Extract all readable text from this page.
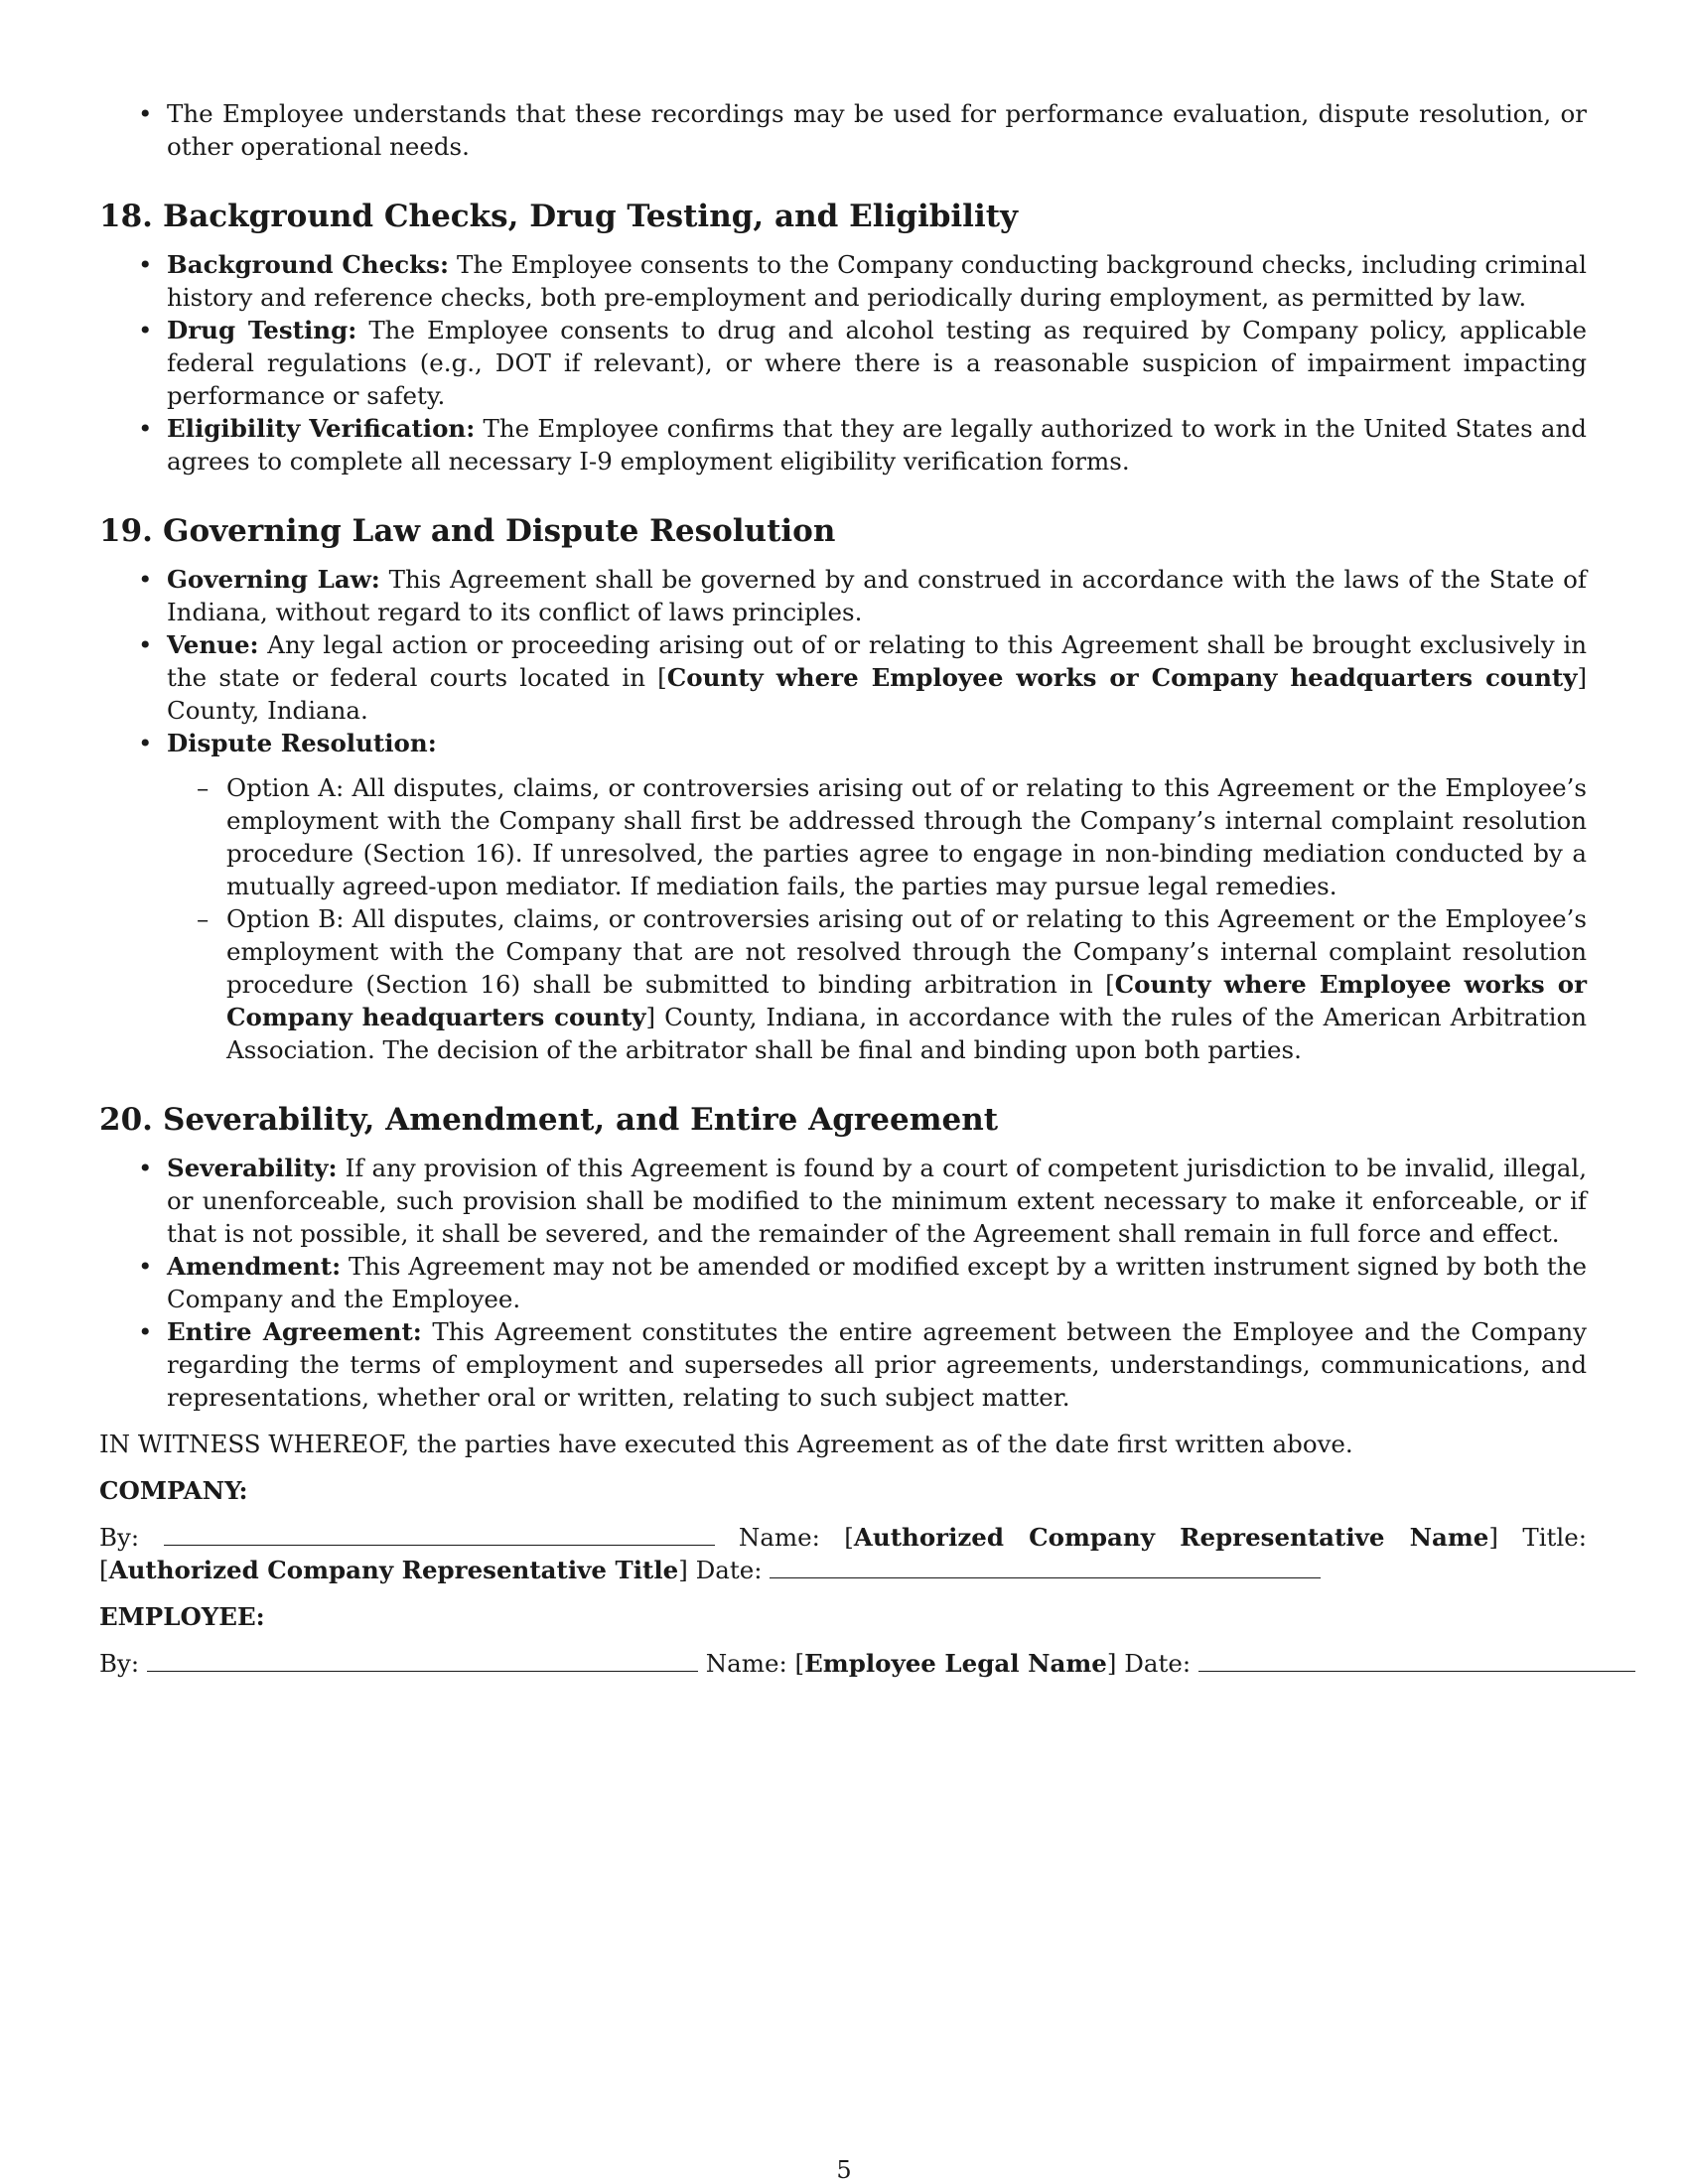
• The Employee understands that these recordings may be used for performance evaluation, dispute resolution, or other operational needs.
18. Background Checks, Drug Testing, and Eligibility
• Background Checks: The Employee consents to the Company conducting background checks, including criminal history and reference checks, both pre-employment and periodically during employment, as permitted by law.
• Drug Testing: The Employee consents to drug and alcohol testing as required by Company policy, applicable federal regulations (e.g., DOT if relevant), or where there is a reasonable suspicion of impairment impacting performance or safety.
• Eligibility Verification: The Employee confirms that they are legally authorized to work in the United States and agrees to complete all necessary I-9 employment eligibility verification forms.
19. Governing Law and Dispute Resolution
• Governing Law: This Agreement shall be governed by and construed in accordance with the laws of the State of Indiana, without regard to its conflict of laws principles.
• Venue: Any legal action or proceeding arising out of or relating to this Agreement shall be brought exclusively in the state or federal courts located in [County where Employee works or Company headquarters county] County, Indiana.
• Dispute Resolution:
– Option A: All disputes, claims, or controversies arising out of or relating to this Agreement or the Employee’s employment with the Company shall first be addressed through the Company’s internal complaint resolution procedure (Section 16). If unresolved, the parties agree to engage in non-binding mediation conducted by a mutually agreed-upon mediator. If mediation fails, the parties may pursue legal remedies.
– Option B: All disputes, claims, or controversies arising out of or relating to this Agreement or the Employee’s employment with the Company that are not resolved through the Company’s internal complaint resolution procedure (Section 16) shall be submitted to binding arbitration in [County where Employee works or Company headquarters county] County, Indiana, in accordance with the rules of the American Arbitration Association. The decision of the arbitrator shall be final and binding upon both parties.
20. Severability, Amendment, and Entire Agreement
• Severability: If any provision of this Agreement is found by a court of competent jurisdiction to be invalid, illegal, or unenforceable, such provision shall be modified to the minimum extent necessary to make it enforceable, or if that is not possible, it shall be severed, and the remainder of the Agreement shall remain in full force and effect.
• Amendment: This Agreement may not be amended or modified except by a written instrument signed by both the Company and the Employee.
• Entire Agreement: This Agreement constitutes the entire agreement between the Employee and the Company regarding the terms of employment and supersedes all prior agreements, understandings, communications, and representations, whether oral or written, relating to such subject matter.

IN WITNESS WHEREOF, the parties have executed this Agreement as of the date first written above.

COMPANY:

By:	Name: [Authorized Company Representative Name] Title: [Authorized Company Representative Title] Date:

EMPLOYEE:

By:	Name: [Employee Legal Name] Date:

5
